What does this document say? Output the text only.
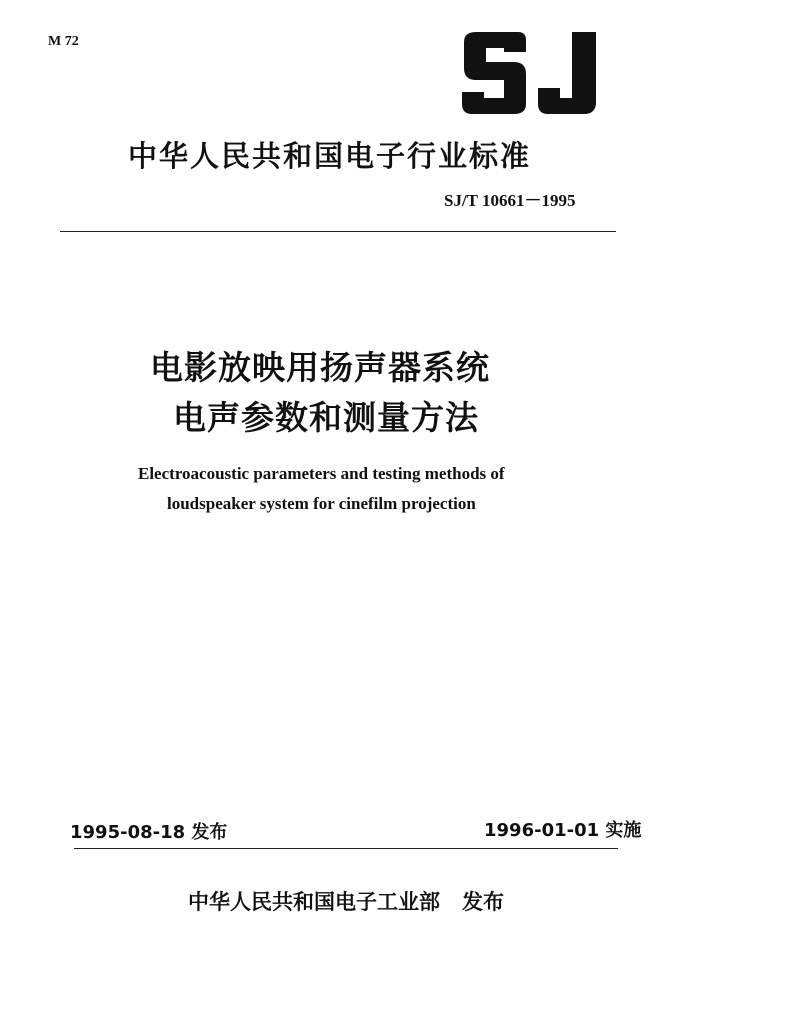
M 72
中华人民共和国电子行业标准
SJ/T 10661－1995
电影放映用扬声器系统
电声参数和测量方法
Electroacoustic parameters and testing methods of
loudspeaker system for cinefilm projection
1995-08-18 发布	1996-01-01 实施
中华人民共和国电子工业部 发布
